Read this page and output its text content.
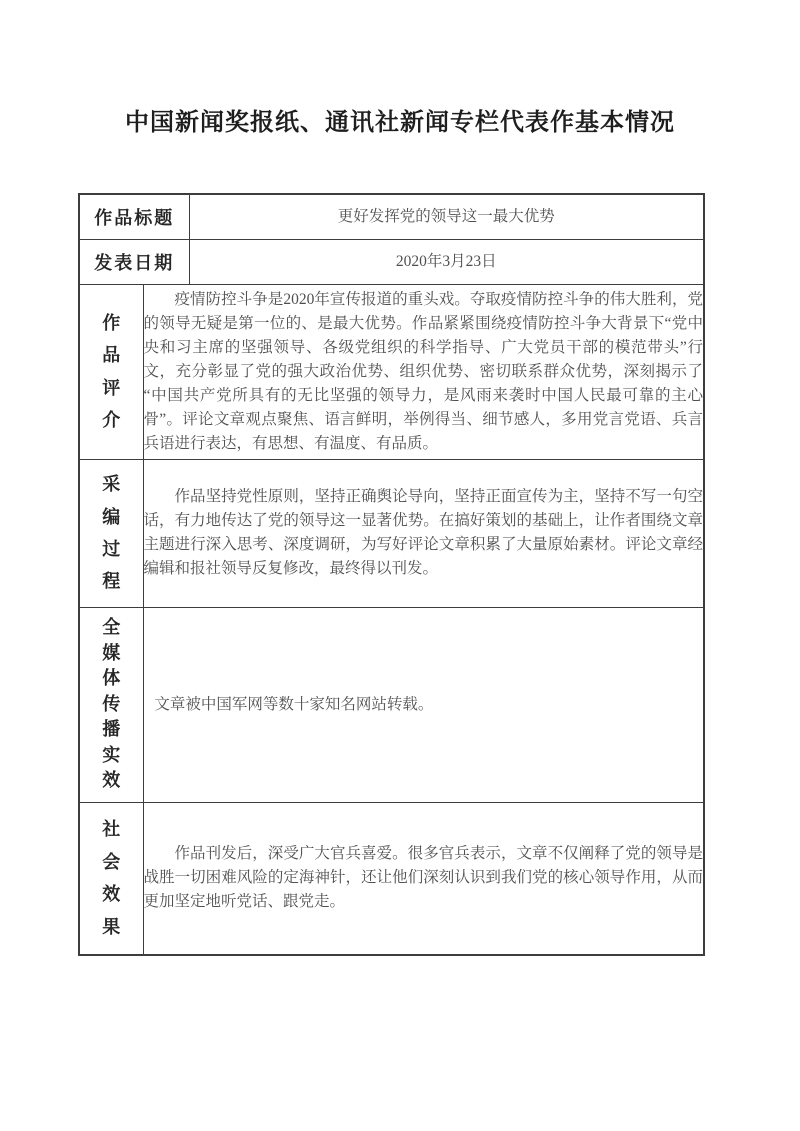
中国新闻奖报纸、通讯社新闻专栏代表作基本情况
作品标题		更好发挥党的领导这一最大优势
发表日期		2020年3月23日

作品评介	疫情防控斗争是2020年宣传报道的重头戏。夺取疫情防控斗争的伟大胜利，党的领导无疑是第一位的、是最大优势。作品紧紧围绕疫情防控斗争大背景下“党中央和习主席的坚强领导、各级党组织的科学指导、广大党员干部的模范带头”行文，充分彰显了党的强大政治优势、组织优势、密切联系群众优势，深刻揭示了“中国共产党所具有的无比坚强的领导力，是风雨来袭时中国人民最可靠的主心骨”。评论文章观点聚焦、语言鲜明，举例得当、细节感人，多用党言党语、兵言兵语进行表达，有思想、有温度、有品质。	

采编过程	作品坚持党性原则，坚持正确舆论导向，坚持正面宣传为主，坚持不写一句空话，有力地传达了党的领导这一显著优势。在搞好策划的基础上，让作者围绕文章主题进行深入思考、深度调研，为写好评论文章积累了大量原始素材。评论文章经编辑和报社领导反复修改，最终得以刊发。	

全媒体传播实效	文章被中国军网等数十家知名网站转载。	

社会效果	作品刊发后，深受广大官兵喜爱。很多官兵表示，文章不仅阐释了党的领导是战胜一切困难风险的定海神针，还让他们深刻认识到我们党的核心领导作用，从而更加坚定地听党话、跟党走。	
